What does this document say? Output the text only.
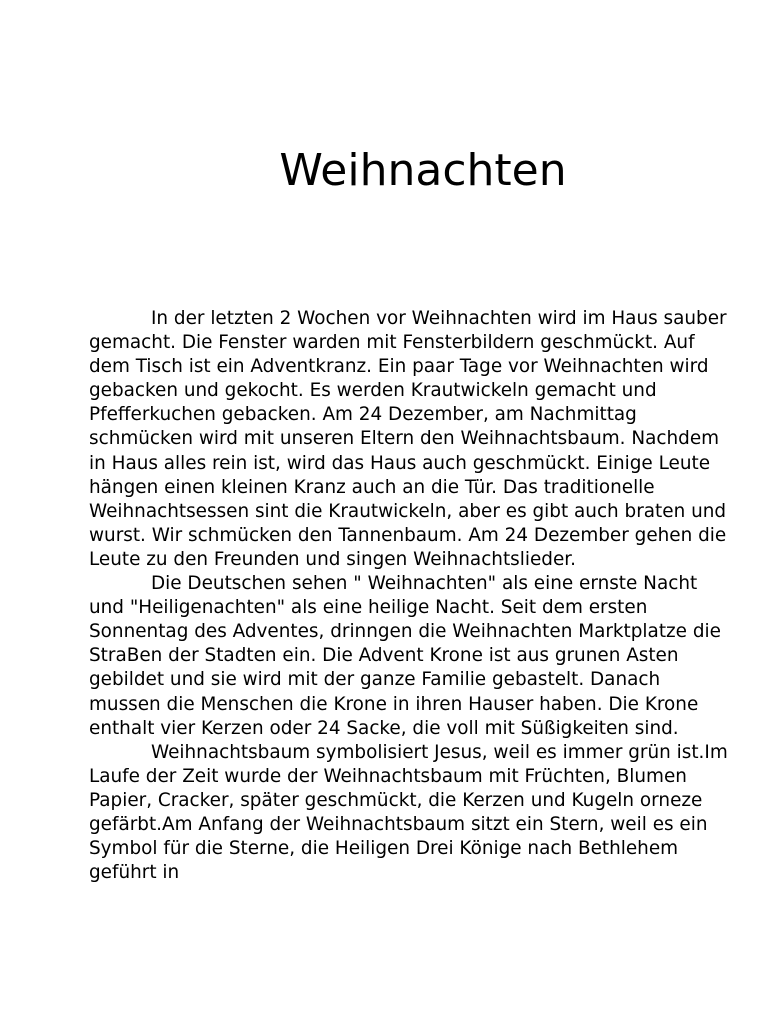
Weihnachten

In der letzten 2 Wochen vor Weihnachten wird im Haus sauber gemacht. Die Fenster warden mit Fensterbildern geschmückt. Auf dem Tisch ist ein Adventkranz. Ein paar Tage vor Weihnachten wird gebacken und gekocht. Es werden Krautwickeln gemacht und Pfefferkuchen gebacken. Am 24 Dezember, am Nachmittag schmücken wird mit unseren Eltern den Weihnachtsbaum. Nachdem in Haus alles rein ist, wird das Haus auch geschmückt. Einige Leute hängen einen kleinen Kranz auch an die Tür. Das traditionelle Weihnachtsessen sint die Krautwickeln, aber es gibt auch braten und wurst. Wir schmücken den Tannenbaum. Am 24 Dezember gehen die Leute zu den Freunden und singen Weihnachtslieder.

Die Deutschen sehen " Weihnachten" als eine ernste Nacht und "Heiligenachten" als eine heilige Nacht. Seit dem ersten Sonnentag des Adventes, drinngen die Weihnachten Marktplatze die StraBen der Stadten ein. Die Advent Krone ist aus grunen Asten gebildet und sie wird mit der ganze Familie gebastelt. Danach mussen die Menschen die Krone in ihren Hauser haben. Die Krone enthalt vier Kerzen oder 24 Sacke, die voll mit Süßigkeiten sind.

Weihnachtsbaum symbolisiert Jesus, weil es immer grün ist.Im Laufe der Zeit wurde der Weihnachtsbaum mit Früchten, Blumen Papier, Cracker, später geschmückt, die Kerzen und Kugeln orneze gefärbt.Am Anfang der Weihnachtsbaum sitzt ein Stern, weil es ein Symbol für die Sterne, die Heiligen Drei Könige nach Bethlehem geführt in
